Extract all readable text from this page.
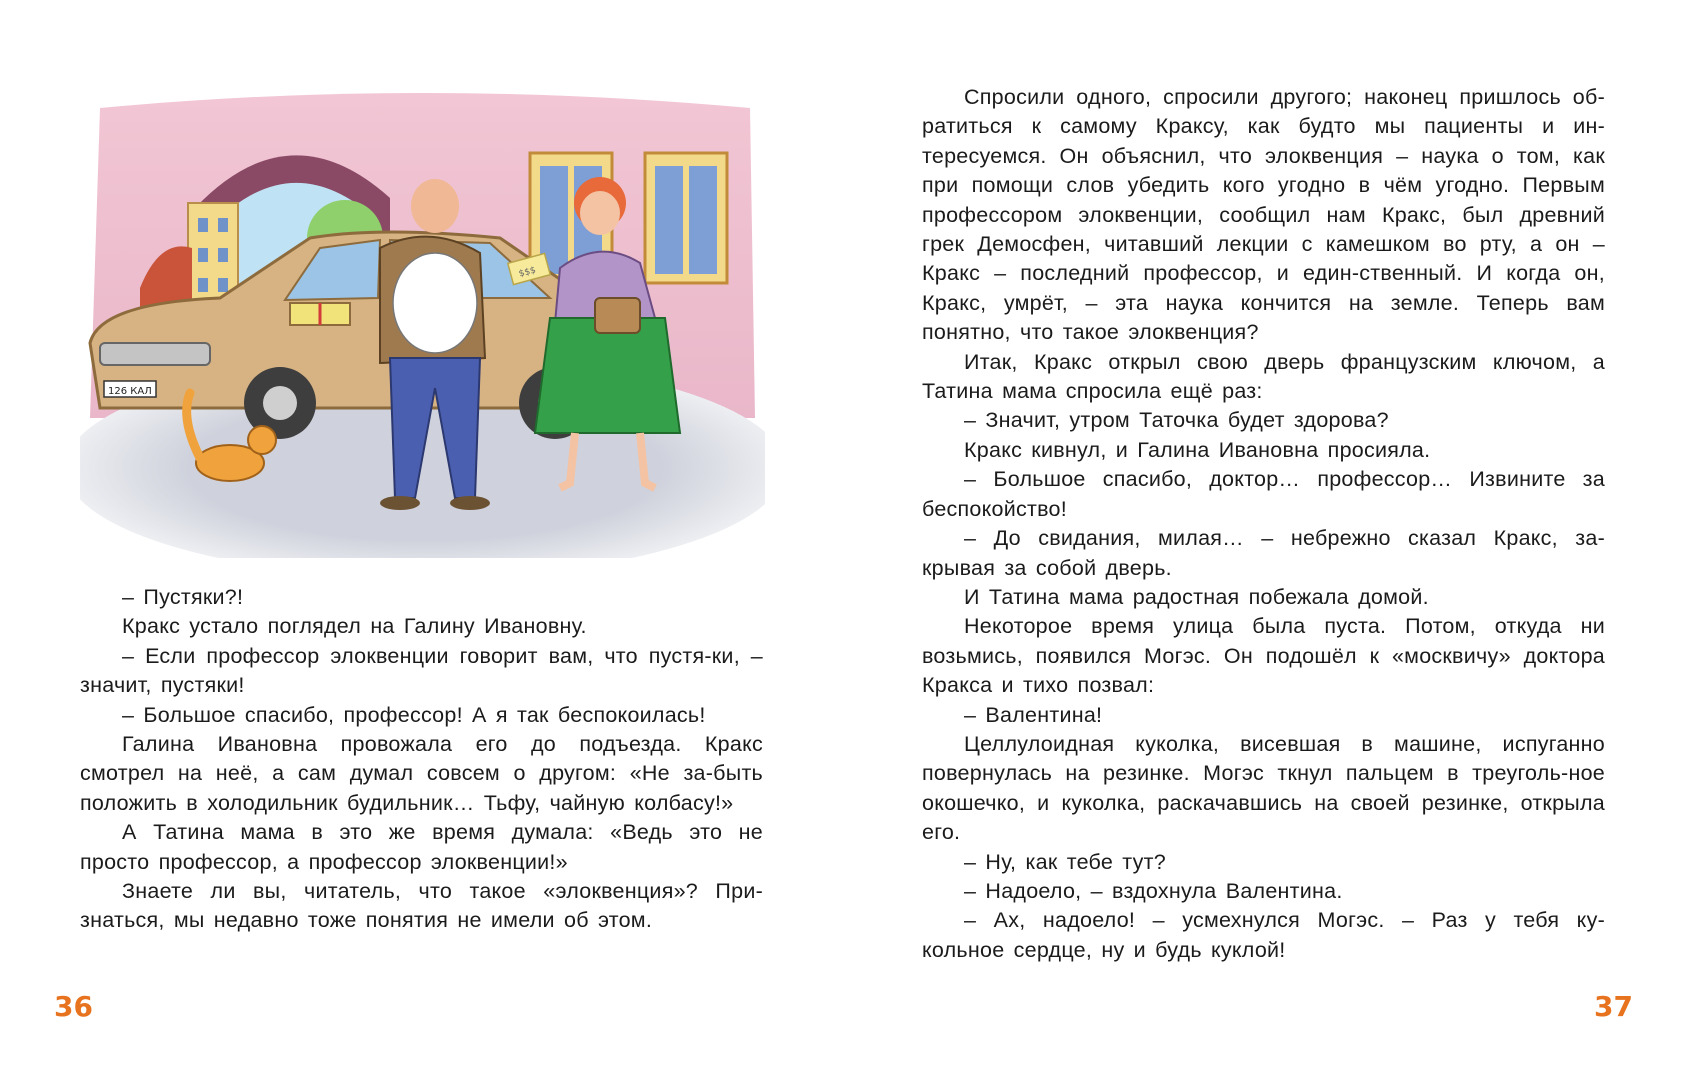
126 КАЛ
$$$

– Пустяки?!

Кракс устало поглядел на Галину Ивановну.

– Если профессор элоквенции говорит вам, что пустя-ки, – значит, пустяки!

– Большое спасибо, профессор! А я так беспокоилась!

Галина Ивановна провожала его до подъезда. Кракс смотрел на неё, а сам думал совсем о другом: «Не за-быть положить в холодильник будильник… Тьфу, чайную колбасу!»

А Татина мама в это же время думала: «Ведь это не просто профессор, а профессор элоквенции!»

Знаете ли вы, читатель, что такое «элоквенция»? При-знаться, мы недавно тоже понятия не имели об этом.

Спросили одного, спросили другого; наконец пришлось об-ратиться к самому Краксу, как будто мы пациенты и ин-тересуемся. Он объяснил, что элоквенция – наука о том, как при помощи слов убедить кого угодно в чём угодно. Первым профессором элоквенции, сообщил нам Кракс, был древний грек Демосфен, читавший лекции с камешком во рту, а он – Кракс – последний профессор, и един-ственный. И когда он, Кракс, умрёт, – эта наука кончится на земле. Теперь вам понятно, что такое элоквенция?

Итак, Кракс открыл свою дверь французским ключом, а Татина мама спросила ещё раз:

– Значит, утром Таточка будет здорова?

Кракс кивнул, и Галина Ивановна просияла.

– Большое спасибо, доктор… профессор… Извините за беспокойство!

– До свидания, милая… – небрежно сказал Кракс, за-крывая за собой дверь.

И Татина мама радостная побежала домой.

Некоторое время улица была пуста. Потом, откуда ни возьмись, появился Могэс. Он подошёл к «москвичу» доктора Кракса и тихо позвал:

– Валентина!

Целлулоидная куколка, висевшая в машине, испуганно повернулась на резинке. Могэс ткнул пальцем в треуголь-ное окошечко, и куколка, раскачавшись на своей резинке, открыла его.

– Ну, как тебе тут?

– Надоело, – вздохнула Валентина.

– Ах, надоело! – усмехнулся Могэс. – Раз у тебя ку-кольное сердце, ну и будь куклой!

36	37
